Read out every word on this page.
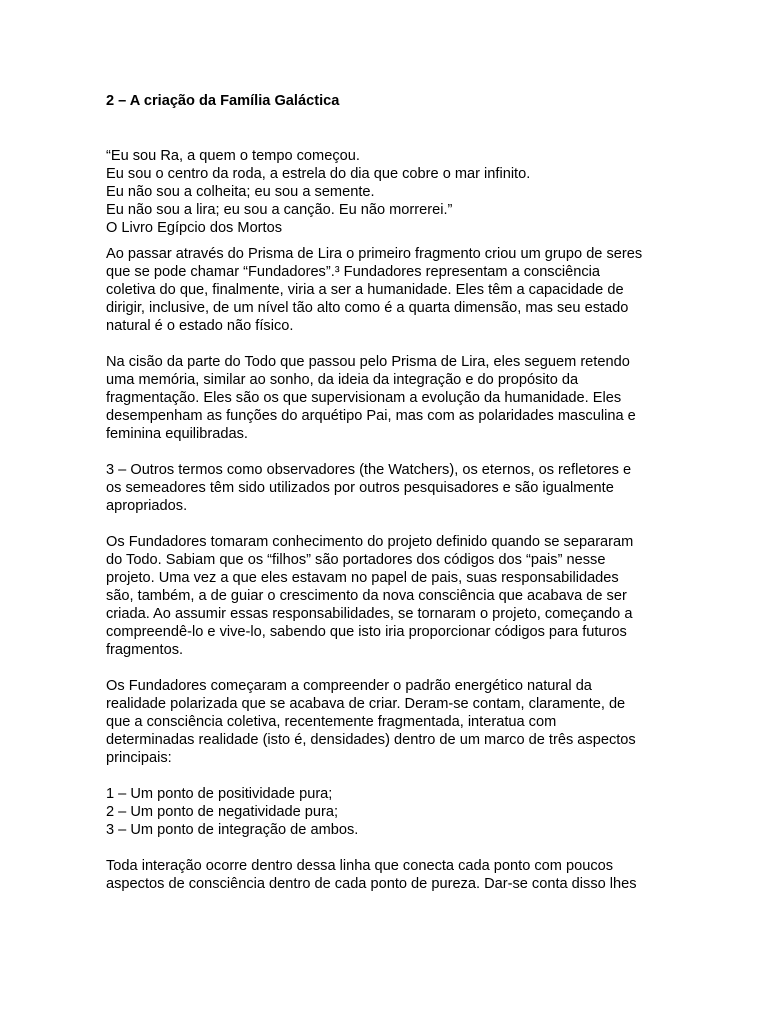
2 – A criação da Família Galáctica
“Eu sou Ra, a quem o tempo começou.
Eu sou o centro da roda, a estrela do dia que cobre o mar infinito.
Eu não sou a colheita; eu sou a semente.
Eu não sou a lira; eu sou a canção. Eu não morrerei.”
O Livro Egípcio dos Mortos
Ao passar através do Prisma de Lira o primeiro fragmento criou um grupo de seres
que se pode chamar “Fundadores”.³ Fundadores representam a consciência
coletiva do que, finalmente, viria a ser a humanidade. Eles têm a capacidade de
dirigir, inclusive, de um nível tão alto como é a quarta dimensão, mas seu estado
natural é o estado não físico.
Na cisão da parte do Todo que passou pelo Prisma de Lira, eles seguem retendo
uma memória, similar ao sonho, da ideia da integração e do propósito da
fragmentação. Eles são os que supervisionam a evolução da humanidade. Eles
desempenham as funções do arquétipo Pai, mas com as polaridades masculina e
feminina equilibradas.
3 – Outros termos como observadores (the Watchers), os eternos, os refletores e
os semeadores têm sido utilizados por outros pesquisadores e são igualmente
apropriados.
Os Fundadores tomaram conhecimento do projeto definido quando se separaram
do Todo. Sabiam que os “filhos” são portadores dos códigos dos “pais” nesse
projeto. Uma vez a que eles estavam no papel de pais, suas responsabilidades
são, também, a de guiar o crescimento da nova consciência que acabava de ser
criada. Ao assumir essas responsabilidades, se tornaram o projeto, começando a
compreendê-lo e vive-lo, sabendo que isto iria proporcionar códigos para futuros
fragmentos.
Os Fundadores começaram a compreender o padrão energético natural da
realidade polarizada que se acabava de criar. Deram-se contam, claramente, de
que a consciência coletiva, recentemente fragmentada, interatua com
determinadas realidade (isto é, densidades) dentro de um marco de três aspectos
principais:
1 – Um ponto de positividade pura;
2 – Um ponto de negatividade pura;
3 – Um ponto de integração de ambos.
Toda interação ocorre dentro dessa linha que conecta cada ponto com poucos
aspectos de consciência dentro de cada ponto de pureza. Dar-se conta disso lhes
